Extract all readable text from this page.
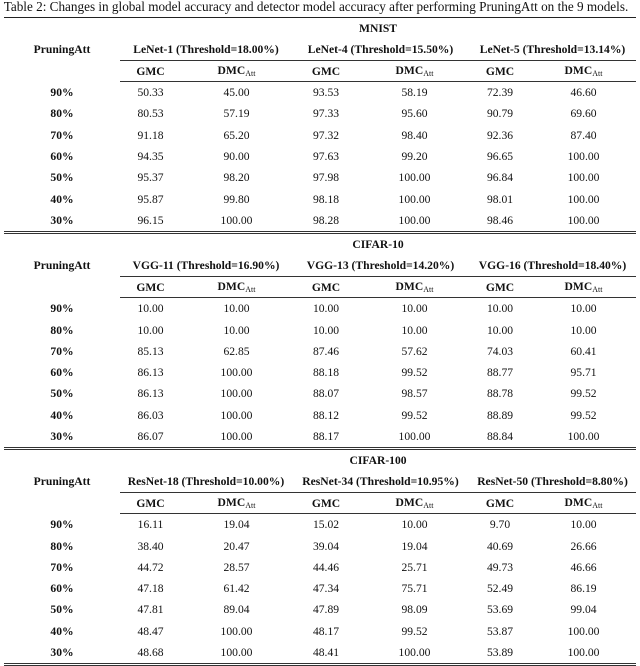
Table 2: Changes in global model accuracy and detector model accuracy after performing PruningAtt on the 9 models.
PruningAtt	MNIST					
	LeNet-1 (Threshold=18.00%)		LeNet-4 (Threshold=15.50%)		LeNet-5 (Threshold=13.14%)	
	GMC	$DMC_{Att}$	GMC	$DMC_{Att}$	GMC	$DMC_{Att}$
90%	50.33	45.00	93.53	58.19	72.39	46.60
80%	80.53	57.19	97.33	95.60	90.79	69.60
70%	91.18	65.20	97.32	98.40	92.36	87.40
60%	94.35	90.00	97.63	99.20	96.65	100.00
50%	95.37	98.20	97.98	100.00	96.84	100.00
40%	95.87	99.80	98.18	100.00	98.01	100.00
30%	96.15	100.00	98.28	100.00	98.46	100.00
PruningAtt	CIFAR-10					
	VGG-11 (Threshold=16.90%)		VGG-13 (Threshold=14.20%)		VGG-16 (Threshold=18.40%)	
	GMC	$DMC_{Att}$	GMC	$DMC_{Att}$	GMC	$DMC_{Att}$
90%	10.00	10.00	10.00	10.00	10.00	10.00
80%	10.00	10.00	10.00	10.00	10.00	10.00
70%	85.13	62.85	87.46	57.62	74.03	60.41
60%	86.13	100.00	88.18	99.52	88.77	95.71
50%	86.13	100.00	88.07	98.57	88.78	99.52
40%	86.03	100.00	88.12	99.52	88.89	99.52
30%	86.07	100.00	88.17	100.00	88.84	100.00
PruningAtt	CIFAR-100					
	ResNet-18 (Threshold=10.00%)		ResNet-34 (Threshold=10.95%)		ResNet-50 (Threshold=8.80%)	
	GMC	$DMC_{Att}$	GMC	$DMC_{Att}$	GMC	$DMC_{Att}$
90%	16.11	19.04	15.02	10.00	9.70	10.00
80%	38.40	20.47	39.04	19.04	40.69	26.66
70%	44.72	28.57	44.46	25.71	49.73	46.66
60%	47.18	61.42	47.34	75.71	52.49	86.19
50%	47.81	89.04	47.89	98.09	53.69	99.04
40%	48.47	100.00	48.17	99.52	53.87	100.00
30%	48.68	100.00	48.41	100.00	53.89	100.00
